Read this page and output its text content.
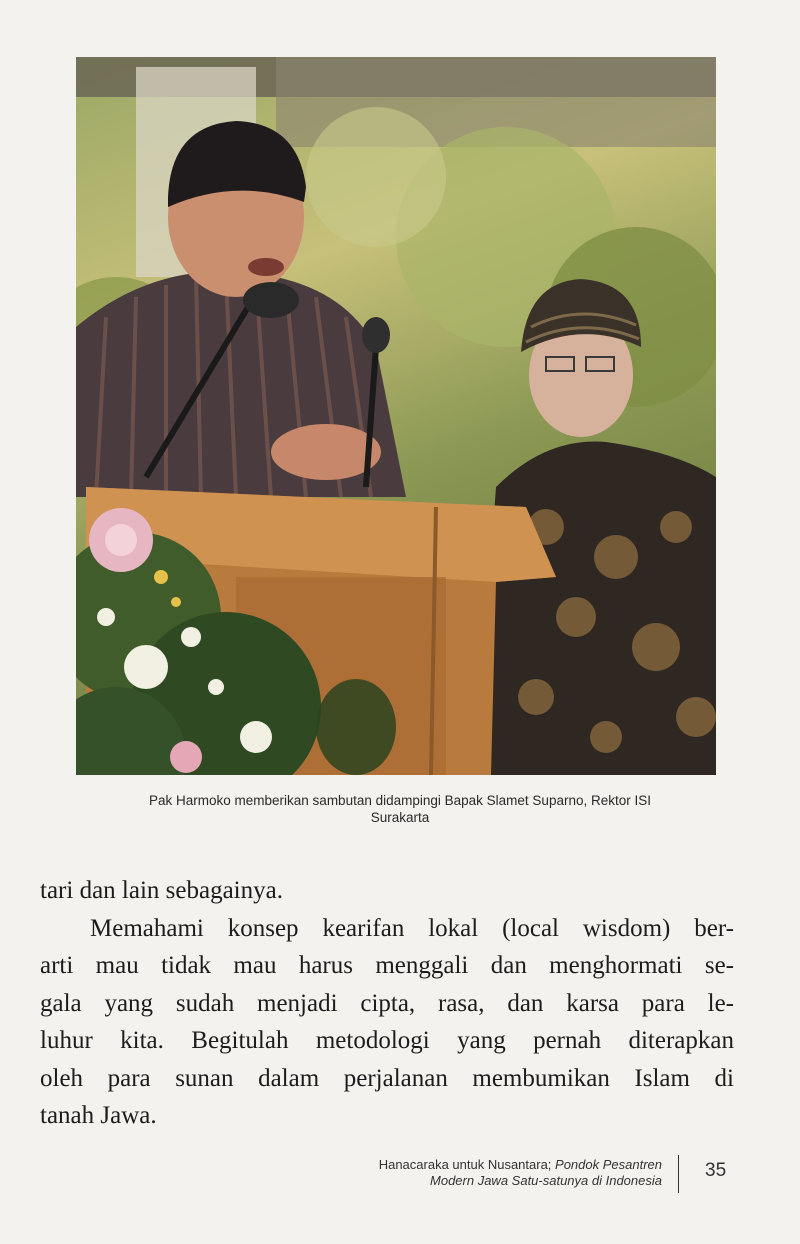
Pak Harmoko memberikan sambutan didampingi Bapak Slamet Suparno, Rektor ISI
Surakarta
tari dan lain sebagainya.
Memahami konsep kearifan lokal (local wisdom) ber-
arti mau tidak mau harus menggali dan menghormati se-
gala yang sudah menjadi cipta, rasa, dan karsa para le-
luhur kita. Begitulah metodologi yang pernah diterapkan
oleh para sunan dalam perjalanan membumikan Islam di
tanah Jawa.
Hanacaraka untuk Nusantara; Pondok Pesantren
Modern Jawa Satu-satunya di Indonesia 35
